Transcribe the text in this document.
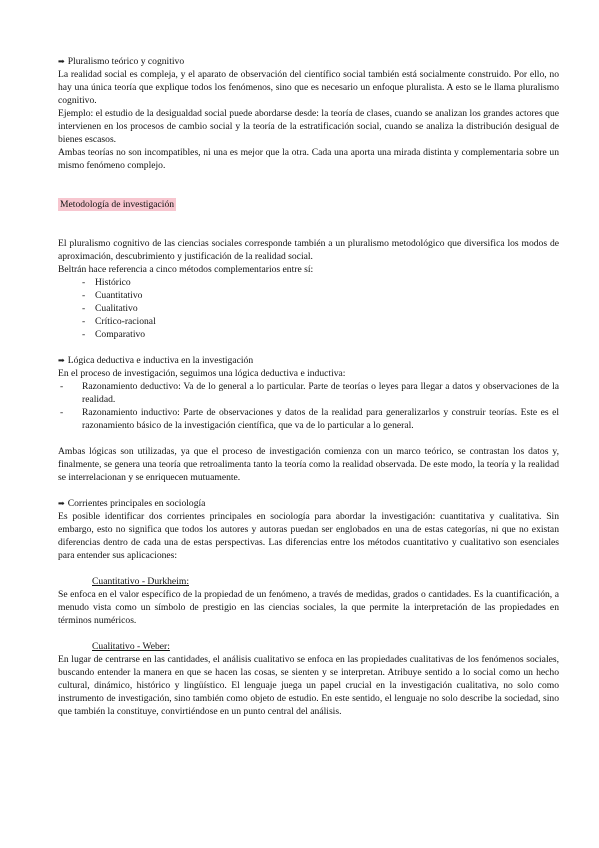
➡ Pluralismo teórico y cognitivo

La realidad social es compleja, y el aparato de observación del científico social también está socialmente construido. Por ello, no hay una única teoría que explique todos los fenómenos, sino que es necesario un enfoque pluralista. A esto se le llama pluralismo cognitivo.

Ejemplo: el estudio de la desigualdad social puede abordarse desde: la teoría de clases, cuando se analizan los grandes actores que intervienen en los procesos de cambio social y la teoría de la estratificación social, cuando se analiza la distribución desigual de bienes escasos.

Ambas teorías no son incompatibles, ni una es mejor que la otra. Cada una aporta una mirada distinta y complementaria sobre un mismo fenómeno complejo.

Metodología de investigación

El pluralismo cognitivo de las ciencias sociales corresponde también a un pluralismo metodológico que diversifica los modos de aproximación, descubrimiento y justificación de la realidad social.

Beltrán hace referencia a cinco métodos complementarios entre sí:

- Histórico
- Cuantitativo
- Cualitativo
- Crítico-racional
- Comparativo
➡ Lógica deductiva e inductiva en la investigación

En el proceso de investigación, seguimos una lógica deductiva e inductiva:

- Razonamiento deductivo: Va de lo general a lo particular. Parte de teorías o leyes para llegar a datos y observaciones de la realidad.
- Razonamiento inductivo: Parte de observaciones y datos de la realidad para generalizarlos y construir teorías. Este es el razonamiento básico de la investigación científica, que va de lo particular a lo general.

Ambas lógicas son utilizadas, ya que el proceso de investigación comienza con un marco teórico, se contrastan los datos y, finalmente, se genera una teoría que retroalimenta tanto la teoría como la realidad observada. De este modo, la teoría y la realidad se interrelacionan y se enriquecen mutuamente.

➡ Corrientes principales en sociología

Es posible identificar dos corrientes principales en sociología para abordar la investigación: cuantitativa y cualitativa. Sin embargo, esto no significa que todos los autores y autoras puedan ser englobados en una de estas categorías, ni que no existan diferencias dentro de cada una de estas perspectivas. Las diferencias entre los métodos cuantitativo y cualitativo son esenciales para entender sus aplicaciones:

Cuantitativo - Durkheim:

Se enfoca en el valor específico de la propiedad de un fenómeno, a través de medidas, grados o cantidades. Es la cuantificación, a menudo vista como un símbolo de prestigio en las ciencias sociales, la que permite la interpretación de las propiedades en términos numéricos.

Cualitativo - Weber:

En lugar de centrarse en las cantidades, el análisis cualitativo se enfoca en las propiedades cualitativas de los fenómenos sociales, buscando entender la manera en que se hacen las cosas, se sienten y se interpretan. Atribuye sentido a lo social como un hecho cultural, dinámico, histórico y lingüístico. El lenguaje juega un papel crucial en la investigación cualitativa, no solo como instrumento de investigación, sino también como objeto de estudio. En este sentido, el lenguaje no solo describe la sociedad, sino que también la constituye, convirtiéndose en un punto central del análisis.
